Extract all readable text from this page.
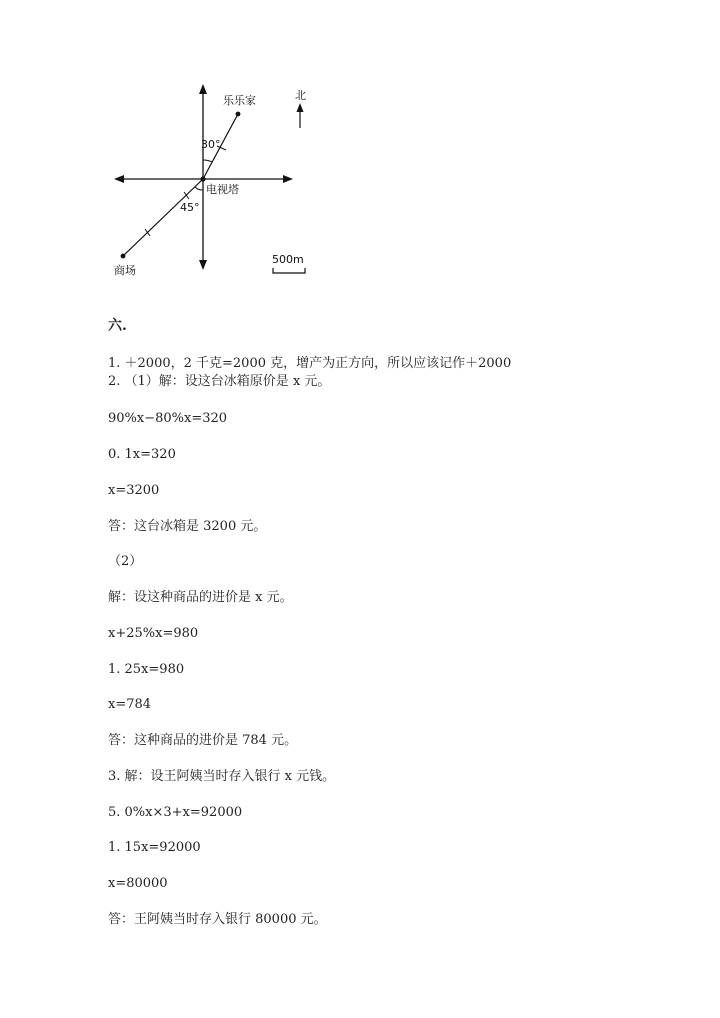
北
乐乐家
电视塔
商场
30°
45°
500m
六.
1. ＋2000，2 千克=2000 克，增产为正方向，所以应该记作＋2000
2. （1）解：设这台冰箱原价是 x 元。
90%x−80%x=320
0. 1x=320
x=3200
答：这台冰箱是 3200 元。
（2）
解：设这种商品的进价是 x 元。
x+25%x=980
1. 25x=980
x=784
答：这种商品的进价是 784 元。
3. 解：设王阿姨当时存入银行 x 元钱。
5. 0%x×3+x=92000
1. 15x=92000
x=80000
答：王阿姨当时存入银行 80000 元。
